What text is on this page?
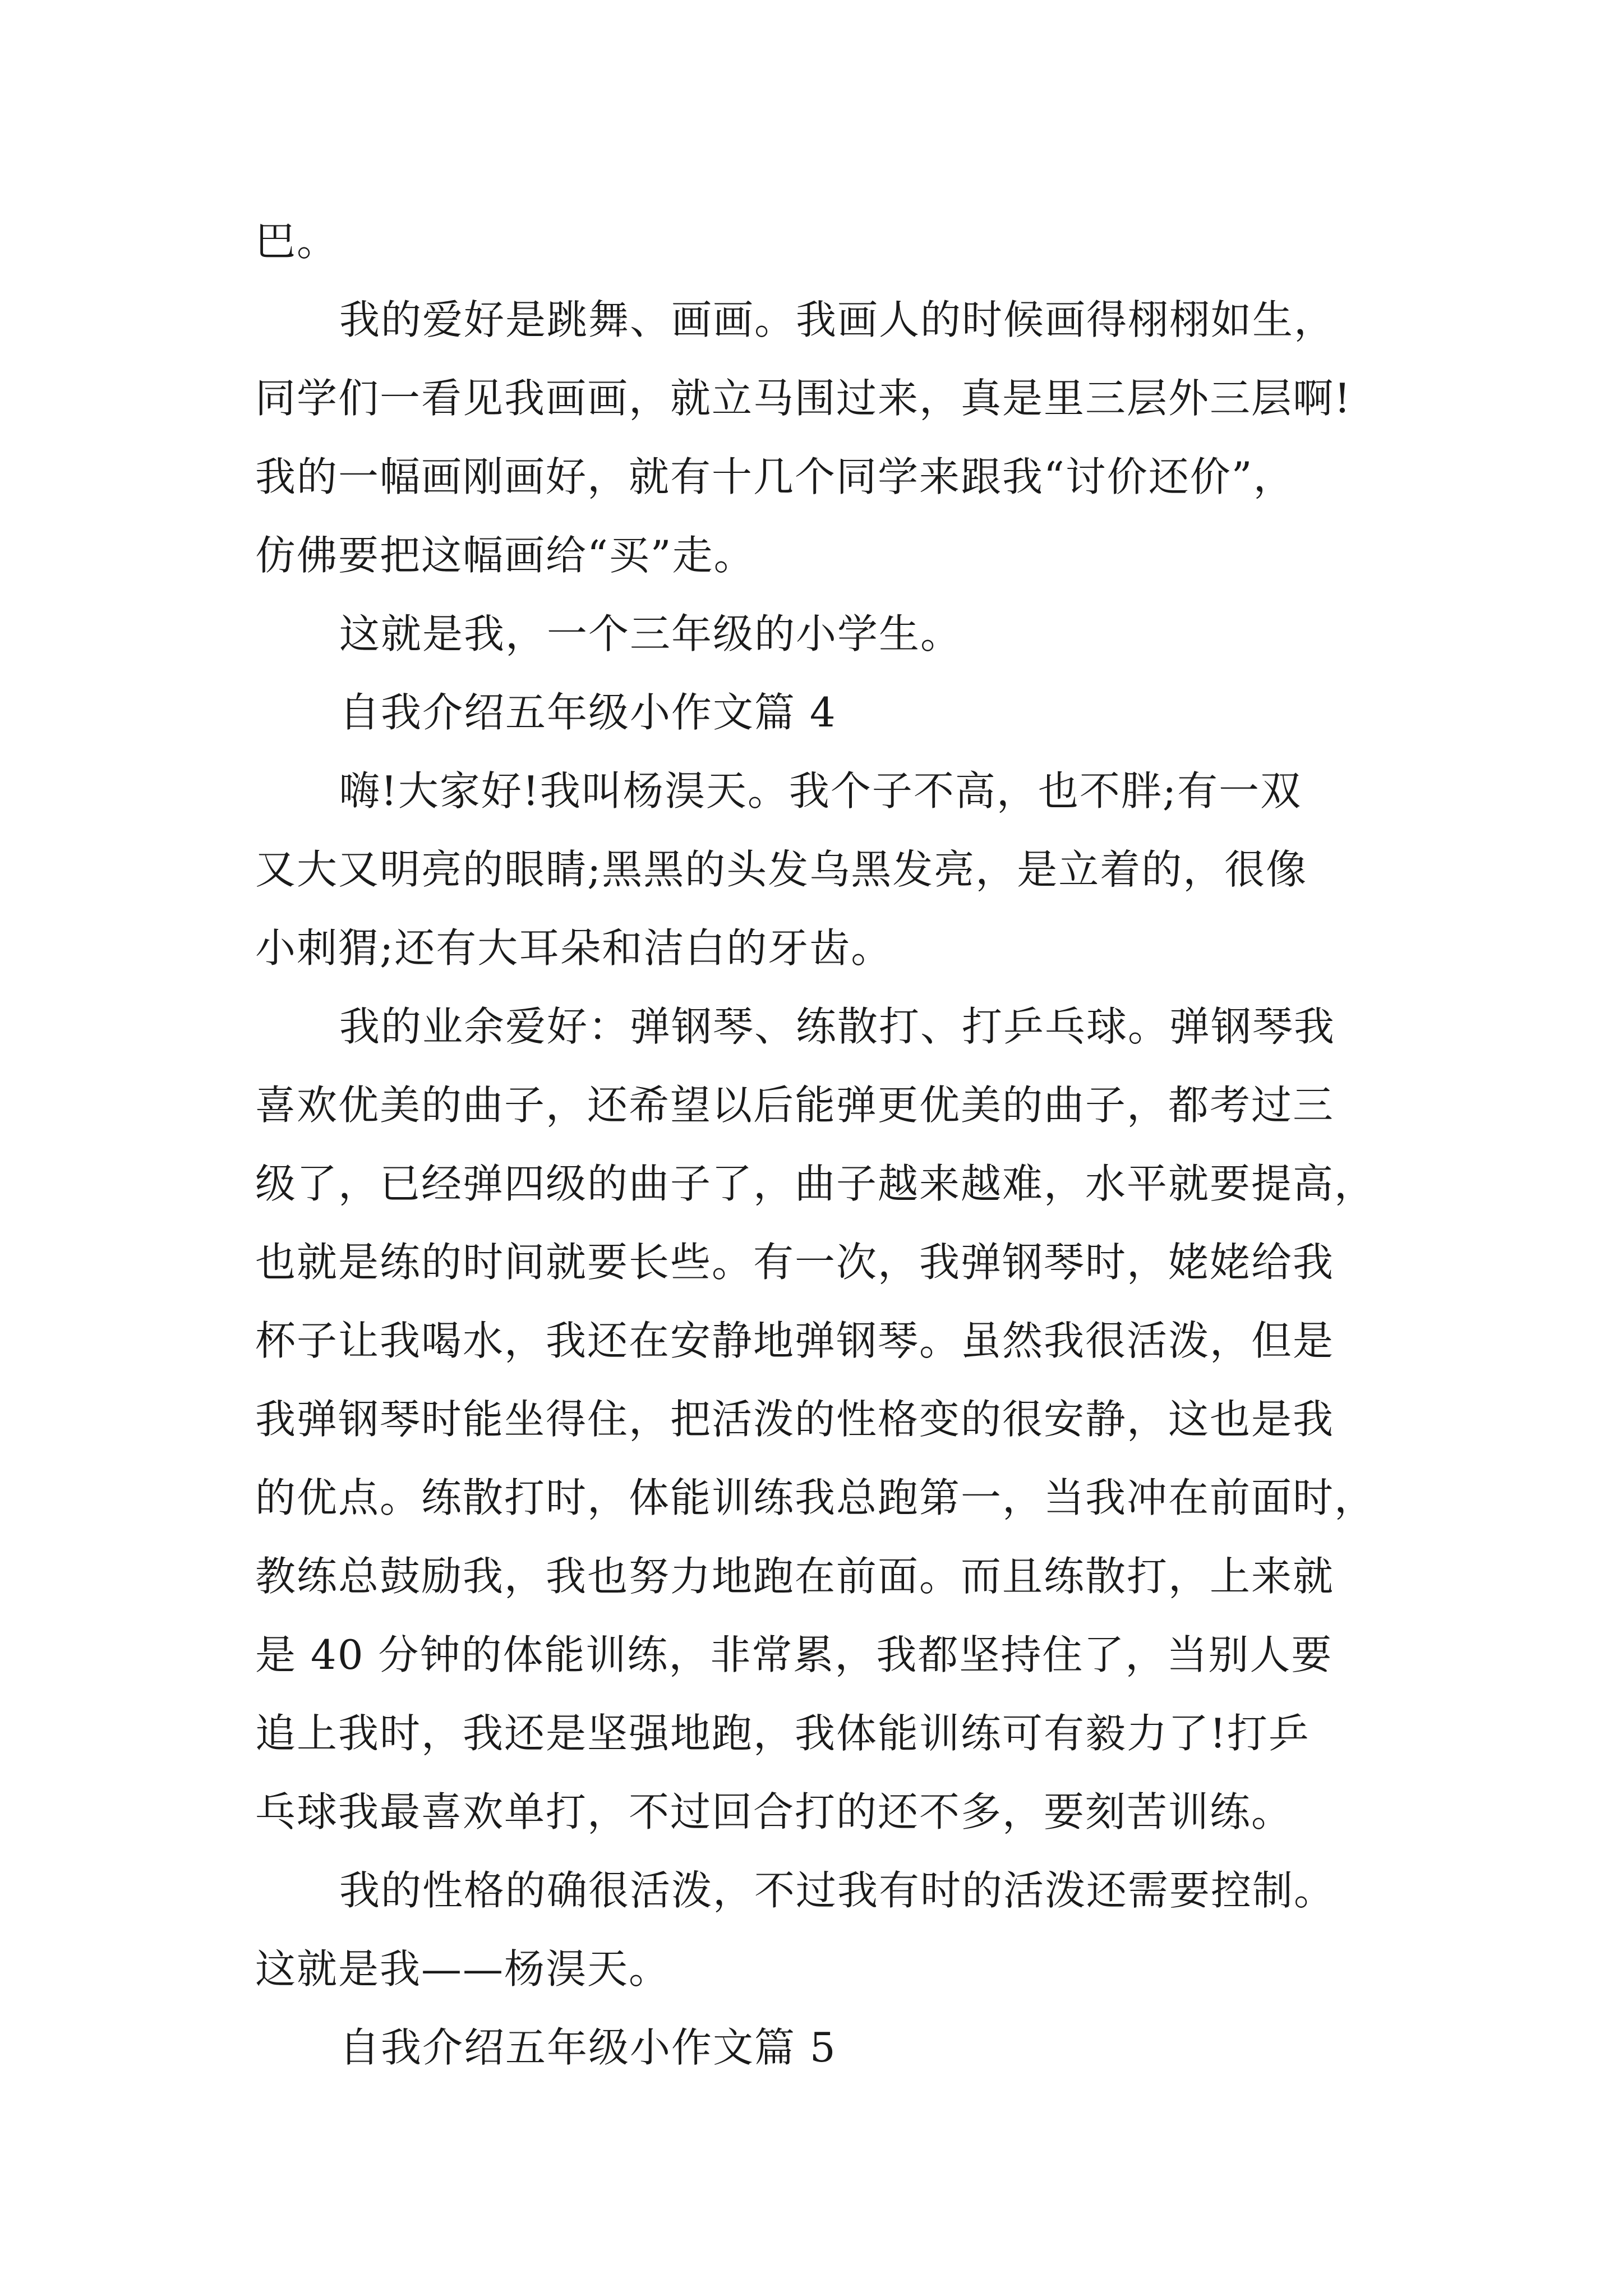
巴。
我的爱好是跳舞、画画。我画人的时候画得栩栩如生，
同学们一看见我画画，就立马围过来，真是里三层外三层啊!
我的一幅画刚画好，就有十几个同学来跟我“讨价还价”，
仿佛要把这幅画给“买”走。
这就是我，一个三年级的小学生。
自我介绍五年级小作文篇 4
嗨!大家好!我叫杨淏天。我个子不高，也不胖;有一双
又大又明亮的眼睛;黑黑的头发乌黑发亮，是立着的，很像
小刺猬;还有大耳朵和洁白的牙齿。
我的业余爱好：弹钢琴、练散打、打乒乓球。弹钢琴我
喜欢优美的曲子，还希望以后能弹更优美的曲子，都考过三
级了，已经弹四级的曲子了，曲子越来越难，水平就要提高，
也就是练的时间就要长些。有一次，我弹钢琴时，姥姥给我
杯子让我喝水，我还在安静地弹钢琴。虽然我很活泼，但是
我弹钢琴时能坐得住，把活泼的性格变的很安静，这也是我
的优点。练散打时，体能训练我总跑第一，当我冲在前面时，
教练总鼓励我，我也努力地跑在前面。而且练散打，上来就
是 40 分钟的体能训练，非常累，我都坚持住了，当别人要
追上我时，我还是坚强地跑，我体能训练可有毅力了!打乒
乓球我最喜欢单打，不过回合打的还不多，要刻苦训练。
我的性格的确很活泼，不过我有时的活泼还需要控制。
这就是我——杨淏天。
自我介绍五年级小作文篇 5
